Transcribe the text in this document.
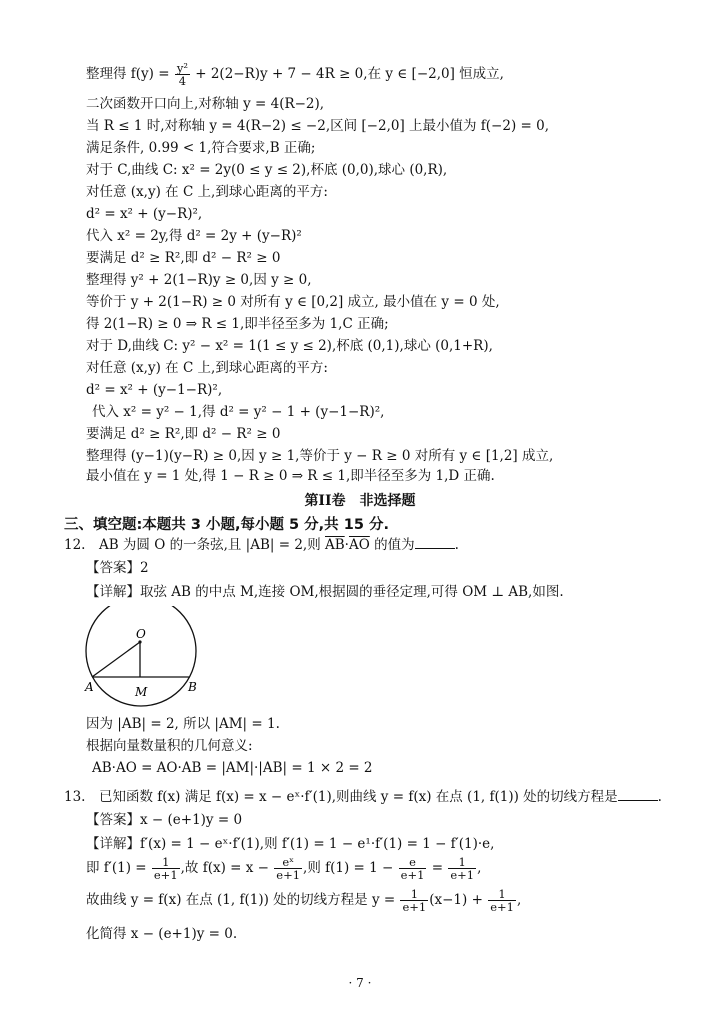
整理得 $f(y) = \frac{\text{y²}}{4} + 2(2-R)y + 7 - 4R \ge 0$,在 y ∈ [−2,0] 恒成立,
二次函数开口向上,对称轴 y = 4(R−2),
当 R ≤ 1 时,对称轴 y = 4(R−2) ≤ −2,区间 [−2,0] 上最小值为 f(−2) = 0,
满足条件, 0.99 < 1,符合要求,B 正确;
对于 C,曲线 C: x² = 2y(0 ≤ y ≤ 2),杯底 (0,0),球心 (0,R),
对任意 (x,y) 在 C 上,到球心距离的平方:
d² = x² + (y−R)²,
代入 x² = 2y,得 d² = 2y + (y−R)²
要满足 d² ≥ R²,即 d² − R² ≥ 0
整理得 y² + 2(1−R)y ≥ 0,因 y ≥ 0,
等价于 y + 2(1−R) ≥ 0 对所有 y ∈ [0,2] 成立, 最小值在 y = 0 处,
得 2(1−R) ≥ 0 ⇒ R ≤ 1,即半径至多为 1,C 正确;
对于 D,曲线 C: y² − x² = 1(1 ≤ y ≤ 2),杯底 (0,1),球心 (0,1+R),
对任意 (x,y) 在 C 上,到球心距离的平方:
d² = x² + (y−1−R)²,
代入 x² = y² − 1,得 d² = y² − 1 + (y−1−R)²,
要满足 d² ≥ R²,即 d² − R² ≥ 0
整理得 (y−1)(y−R) ≥ 0,因 y ≥ 1,等价于 y − R ≥ 0 对所有 y ∈ [1,2] 成立,
最小值在 y = 1 处,得 1 − R ≥ 0 ⇒ R ≤ 1,即半径至多为 1,D 正确.
第II卷　非选择题
三、填空题:本题共 3 小题,每小题 5 分,共 15 分.
12.　AB 为圆 O 的一条弦,且 |AB| = 2,则 $\overline{AB}\cdot\overline{AO}$ 的值为	.
【答案】2
【详解】取弦 AB 的中点 M,连接 OM,根据圆的垂径定理,可得 OM ⊥ AB,如图.
O
A	M	B
因为 |AB| = 2, 所以 |AM| = 1.
根据向量数量积的几何意义:
AB·AO = AO·AB = |AM|·|AB| = 1 × 2 = 2
13.　已知函数 f(x) 满足 f(x) = x − eˣ·f′(1),则曲线 y = f(x) 在点 (1, f(1)) 处的切线方程是	.
【答案】x − (e+1)y = 0
【详解】f′(x) = 1 − eˣ·f′(1),则 f′(1) = 1 − e¹·f′(1) = 1 − f′(1)·e,
即 $f'(1) = \frac{1}{e+1}$ ,故 $f(x) = x - \frac{\text{eˣ}}{e+1}$ ,则 $f(1) = 1 - \frac{e}{e+1} = \frac{1}{e+1}$ ,
故曲线 y = f(x) 在点 (1, f(1)) 处的切线方程是 $y = \frac{1}{e+1} (x-1) + \frac{1}{e+1}$ ,
化简得 x − (e+1)y = 0.
· 7 ·
